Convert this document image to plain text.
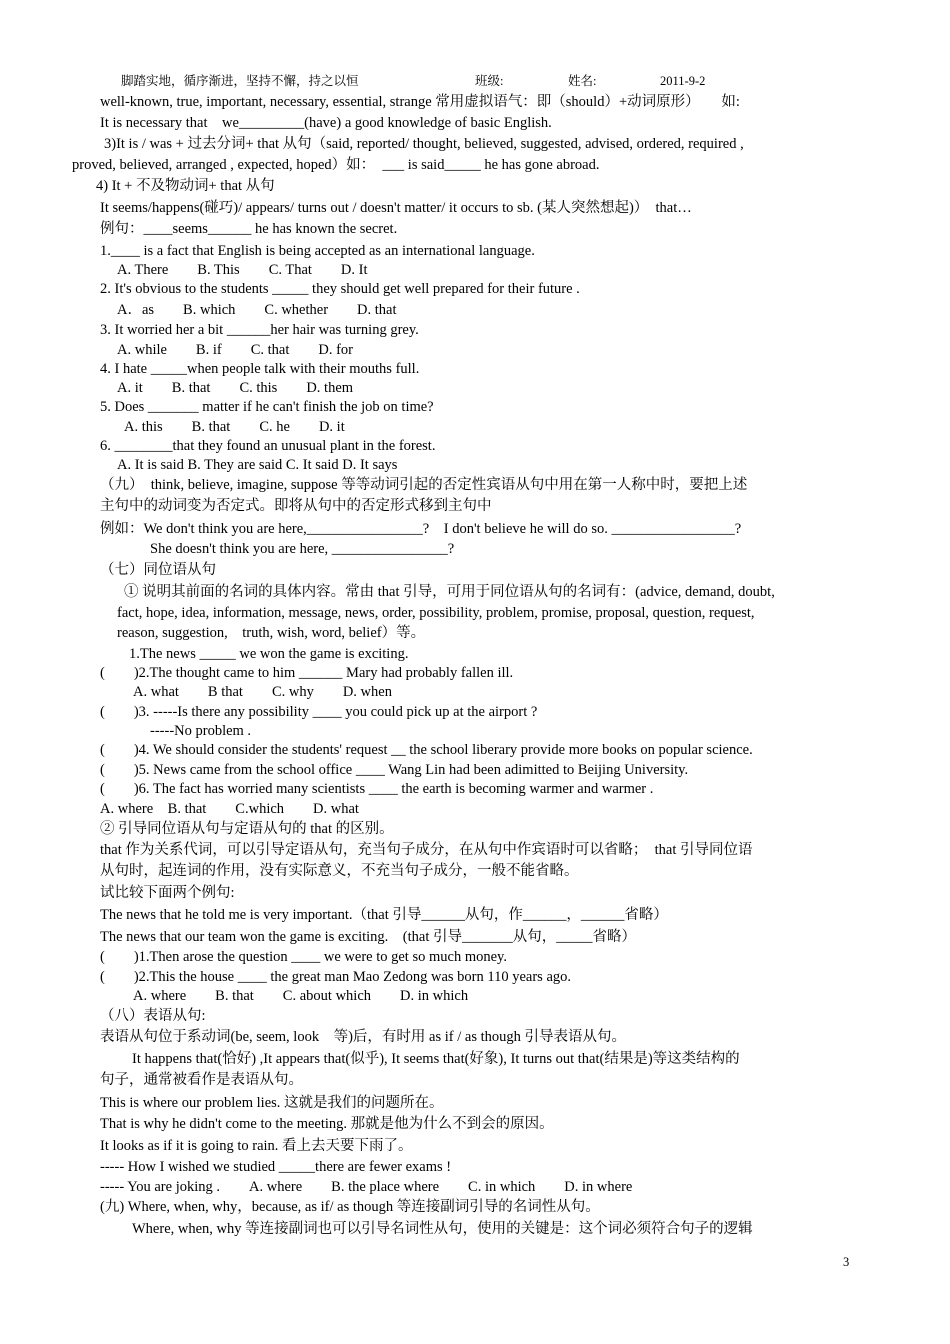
脚踏实地，循序渐进，坚持不懈，持之以恒	班级:	姓名:	2011-9-2
well-known, true, important, necessary, essential, strange 常用虚拟语气：即（should）+动词原形）　　如:
It is necessary that　we_________(have) a good knowledge of basic English.
3)It is / was + 过去分词+ that 从句（said, reported/ thought, believed, suggested, advised, ordered, required ,
proved, believed, arranged , expected, hoped）如：　___ is said_____ he has gone abroad.
4) It + 不及物动词+ that 从句
It seems/happens(碰巧)/ appears/ turns out / doesn't matter/ it occurs to sb. (某人突然想起)）　that…
例句：____seems______ he has known the secret.
1.____ is a fact that English is being accepted as an international language.
A. There　　B. This　　C. That　　D. It
2. It's obvious to the students _____ they should get well prepared for their future .
A．as　　B. which　　C. whether　　D. that
3. It worried her a bit ______her hair was turning grey.
A. while　　B. if　　C. that　　D. for
4. I hate _____when people talk with their mouths full.
A. it　　B. that　　C. this　　D. them
5. Does _______ matter if he can't finish the job on time?
A. this　　B. that　　C. he　　D. it
6. ________that they found an unusual plant in the forest.
A. It is said B. They are said C. It said D. It says
（九）　think, believe, imagine, suppose 等等动词引起的否定性宾语从句中用在第一人称中时，要把上述
主句中的动词变为否定式。即将从句中的否定形式移到主句中
例如：We don't think you are here,________________?　I don't believe he will do so. _________________?
She doesn't think you are here, ________________?
（七）同位语从句
① 说明其前面的名词的具体内容。常由 that 引导，可用于同位语从句的名词有：(advice, demand, doubt,
fact, hope, idea, information, message, news, order, possibility, problem, promise, proposal, question, request,
reason, suggestion,　truth, wish, word, belief）等。
1.The news _____ we won the game is exciting.
(　　)2.The thought came to him ______ Mary had probably fallen ill.
A. what　　B that　　C. why　　D. when
(　　)3. -----Is there any possibility ____ you could pick up at the airport ?
-----No problem .
(　　)4. We should consider the students' request __ the school liberary provide more books on popular science.
(　　)5. News came from the school office ____ Wang Lin had been adimitted to Beijing University.
(　　)6. The fact has worried many scientists ____ the earth is becoming warmer and warmer .
A. where　B. that　　C.which　　D. what
② 引导同位语从句与定语从句的 that 的区别。
that 作为关系代词，可以引导定语从句，充当句子成分，在从句中作宾语时可以省略；　that 引导同位语
从句时，起连词的作用，没有实际意义，不充当句子成分，一般不能省略。
试比较下面两个例句:
The news that he told me is very important.（that 引导______从句，作______，______省略）
The news that our team won the game is exciting.　(that 引导_______从句，_____省略）
(　　)1.Then arose the question ____ we were to get so much money.
(　　)2.This the house ____ the great man Mao Zedong was born 110 years ago.
A. where　　B. that　　C. about which　　D. in which
（八）表语从句:
表语从句位于系动词(be, seem, look　等)后，有时用 as if / as though 引导表语从句。
It happens that(恰好) ,It appears that(似乎), It seems that(好象), It turns out that(结果是)等这类结构的
句子，通常被看作是表语从句。
This is where our problem lies. 这就是我们的问题所在。
That is why he didn't come to the meeting. 那就是他为什么不到会的原因。
It looks as if it is going to rain. 看上去天要下雨了。
----- How I wished we studied _____there are fewer exams !
----- You are joking .　　A. where　　B. the place where　　C. in which　　D. in where
(九) Where, when, why，because, as if/ as though 等连接副词引导的名词性从句。
Where, when, why 等连接副词也可以引导名词性从句，使用的关键是：这个词必须符合句子的逻辑
3
